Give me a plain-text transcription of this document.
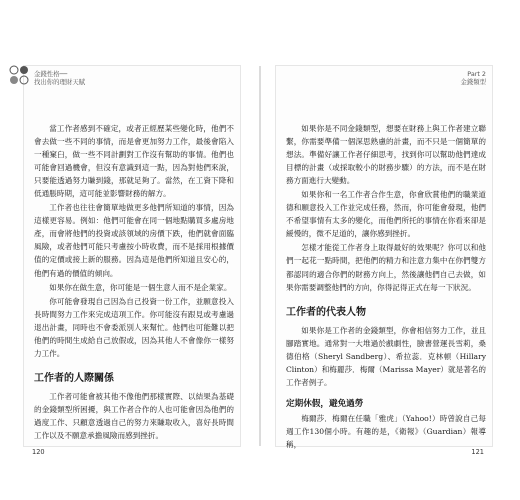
金錢性格──
找出你的理財天賦

當工作者感到不確定，或者正經歷某些變化時，他們不會去做一些不同的事情，而是會更加努力工作，最後會陷入一種窠臼，做一些不同計劃對工作沒有幫助的事情。他們也可能會回過機會，但沒有意識到這一點，因為對他們來說，只要能透過努力賺到錢，那就足夠了。當然，在工資下降和低通脹時期，這可能並影響財務的解方。

工作者也往往會簡單地做更多他們所知道的事情，因為這樣更容易。例如：他們可能會在同一個地點購買多處房地產，而會將他們的投資或該領域的房價下跌，他們就會面臨風險，或者他們可能只考慮按小時收費，而不是採用根據價值的定價或接上新的服務。因為這是他們所知道且安心的，他們有過的價值的傾向。

如果你在做生意，你可能是一個生意人而不是企業家。

你可能會發現自己因為自己投資一份工作，並願意投入長時間努力工作來完成這項工作。你可能沒有跟見或考慮過退出計畫，同時也不會委派別人來幫忙。他們也可能難以把他們的時間生成給自己放假或，因為其他人不會像你一樣努力工作。

工作者的人際關係

工作者可能會被其他不像他們那樣實際、以結果為基礎的金錢類型所困擾，與工作者合作的人也可能會因為他們的過度工作、只顧意透過自己的努力來賺取收入，喜好長時間工作以及不願意承擔風險而感到挫折。

120
Part 2
金錢類型

如果你是不同金錢類型，想要在財務上與工作者建立聯繫，你需要準備一個深思熟慮的計畫，而不只是一個簡單的想法。準備好讓工作者仔細思考，找到你可以幫助他們達成目標的計畫（或採取較小的財務步驟）的方法，而不是在財務方面進行大變動。

如果你和一名工作者合作生意，你會欣賞他們的職業道德和願意投入工作並完成任務，然而，你可能會發現，他們不希望事情有太多的變化，而他們所托的事情在你看來卻是緩慢的，微不足道的，讓你感到挫折。

怎樣才能從工作者身上取得最好的效果呢？你可以和他們一起花一點時間，把他們的精力和注意力集中在你們雙方都認同的適合你們的財務方向上，然後讓他們自己去做，如果你需要調整他們的方向，你得記得正式在每一下狀況。

工作者的代表人物

如果你是工作者的金錢類型，你會相信努力工作，並且腳踏實地。通常對一大堆過於戲劇性，臉書營運長雪莉，桑德伯格（Sheryl Sandberg）、希拉蕊．克林頓（Hillary Clinton）和梅麗莎．梅爾（Marissa Mayer）就是著名的工作者例子。

定期休假，避免過勞

梅爾莎．梅爾在任職「雅虎」（Yahoo!）時曾說自己每週工作130個小時。有趣的是，《衛報》（Guardian）報導稱，

121
